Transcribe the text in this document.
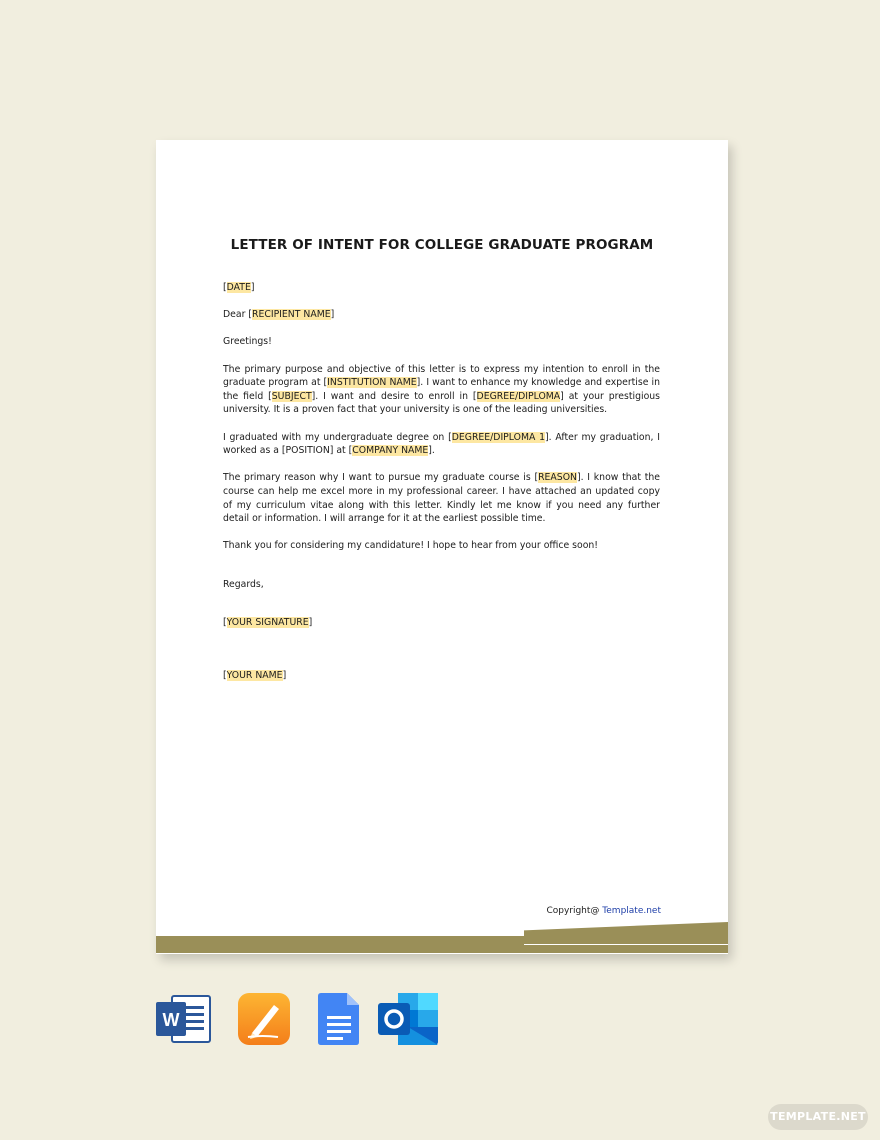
LETTER OF INTENT FOR COLLEGE GRADUATE PROGRAM

[DATE]

Dear [RECIPIENT NAME]

Greetings!

The primary purpose and objective of this letter is to express my intention to enroll in the graduate program at [INSTITUTION NAME]. I want to enhance my knowledge and expertise in the field [SUBJECT]. I want and desire to enroll in [DEGREE/DIPLOMA] at your prestigious university. It is a proven fact that your university is one of the leading universities.

I graduated with my undergraduate degree on [DEGREE/DIPLOMA 1]. After my graduation, I worked as a [POSITION] at [COMPANY NAME].

The primary reason why I want to pursue my graduate course is [REASON]. I know that the course can help me excel more in my professional career. I have attached an updated copy of my curriculum vitae along with this letter. Kindly let me know if you need any further detail or information. I will arrange for it at the earliest possible time.

Thank you for considering my candidature! I hope to hear from your office soon!

Regards,

[YOUR SIGNATURE]

[YOUR NAME]

Copyright@ Template.net
W
TEMPLATE.NET
